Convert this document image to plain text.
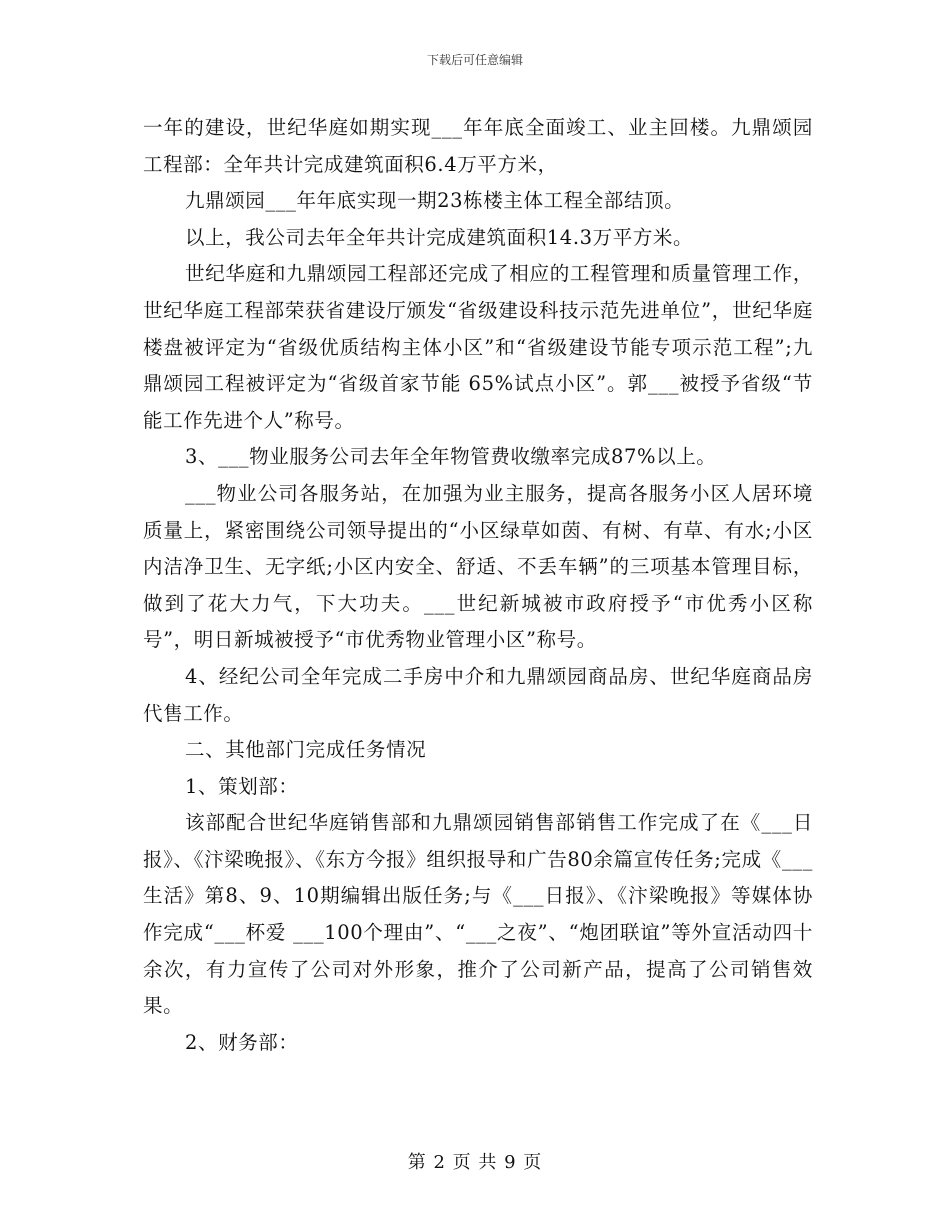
下载后可任意编辑

一年的建设，世纪华庭如期实现___年年底全面竣工、业主回楼。九鼎颂园工程部：全年共计完成建筑面积6.4万平方米，

九鼎颂园___年年底实现一期23栋楼主体工程全部结顶。

以上，我公司去年全年共计完成建筑面积14.3万平方米。

世纪华庭和九鼎颂园工程部还完成了相应的工程管理和质量管理工作，世纪华庭工程部荣获省建设厅颁发“省级建设科技示范先进单位”，世纪华庭楼盘被评定为“省级优质结构主体小区”和“省级建设节能专项示范工程”;九鼎颂园工程被评定为“省级首家节能 65%试点小区”。郭___被授予省级“节能工作先进个人”称号。

3、___物业服务公司去年全年物管费收缴率完成87%以上。

___物业公司各服务站，在加强为业主服务，提高各服务小区人居环境质量上，紧密围绕公司领导提出的“小区绿草如茵、有树、有草、有水;小区内洁净卫生、无字纸;小区内安全、舒适、不丢车辆”的三项基本管理目标，做到了花大力气，下大功夫。___世纪新城被市政府授予“市优秀小区称号”，明日新城被授予“市优秀物业管理小区”称号。

4、经纪公司全年完成二手房中介和九鼎颂园商品房、世纪华庭商品房代售工作。

二、其他部门完成任务情况

1、策划部：

该部配合世纪华庭销售部和九鼎颂园销售部销售工作完成了在《___日报》、《汴梁晚报》、《东方今报》组织报导和广告80余篇宣传任务;完成《___生活》第8、9、10期编辑出版任务;与《___日报》、《汴梁晚报》等媒体协作完成“___杯爱 ___100个理由”、“___之夜”、“炮团联谊”等外宣活动四十余次，有力宣传了公司对外形象，推介了公司新产品，提高了公司销售效果。

2、财务部：

第 2 页 共 9 页
